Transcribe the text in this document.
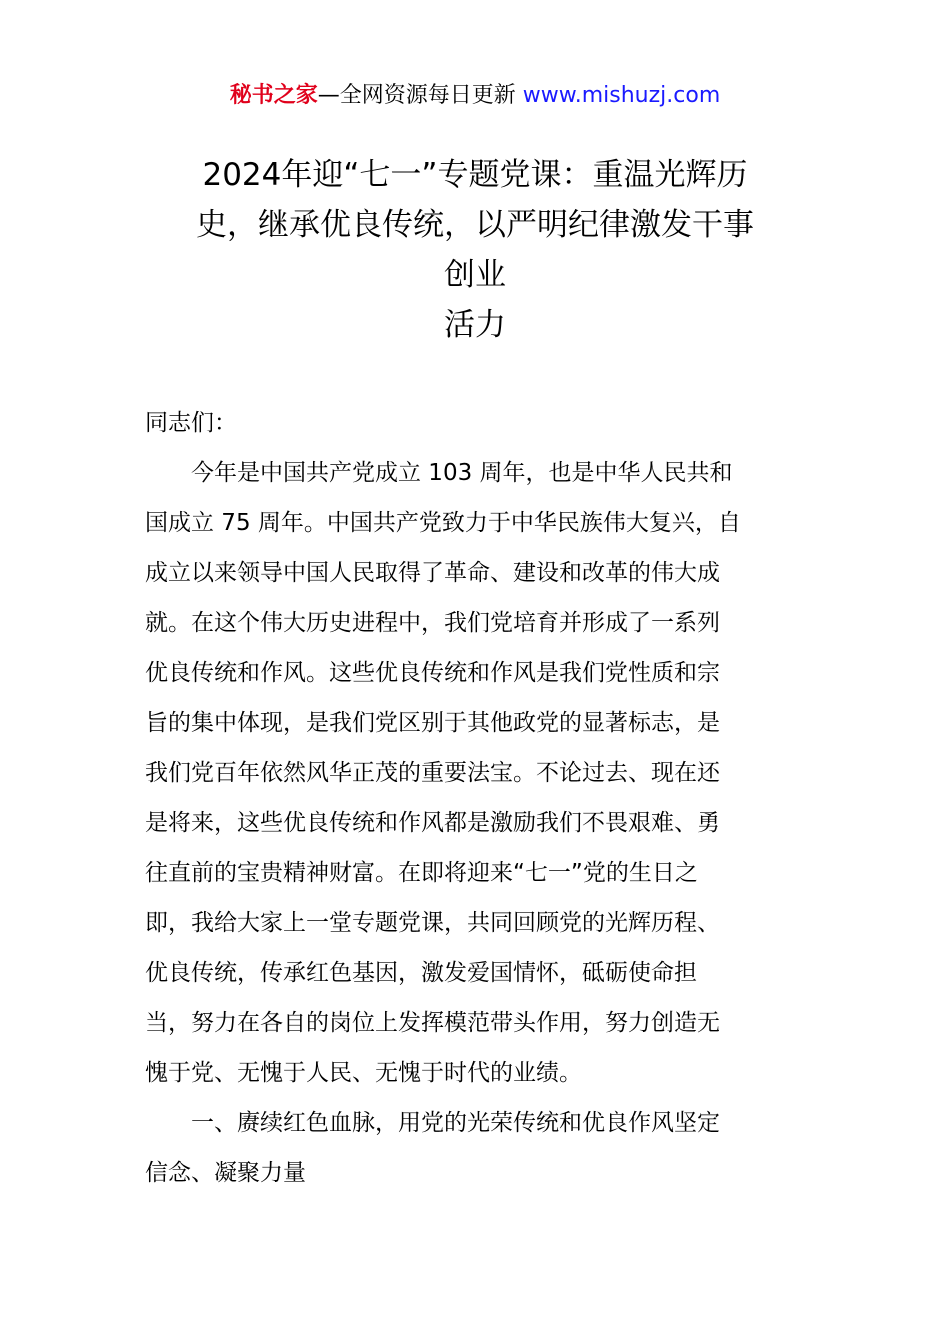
秘书之家—全网资源每日更新 www.mishuzj.com
2024年迎“七一”专题党课：重温光辉历
史，继承优良传统，以严明纪律激发干事
创业
活力
同志们：
　　今年是中国共产党成立 103 周年，也是中华人民共和
国成立 75 周年。中国共产党致力于中华民族伟大复兴，自
成立以来领导中国人民取得了革命、建设和改革的伟大成
就。在这个伟大历史进程中，我们党培育并形成了一系列
优良传统和作风。这些优良传统和作风是我们党性质和宗
旨的集中体现，是我们党区别于其他政党的显著标志，是
我们党百年依然风华正茂的重要法宝。不论过去、现在还
是将来，这些优良传统和作风都是激励我们不畏艰难、勇
往直前的宝贵精神财富。在即将迎来“七一”党的生日之
即，我给大家上一堂专题党课，共同回顾党的光辉历程、
优良传统，传承红色基因，激发爱国情怀，砥砺使命担
当，努力在各自的岗位上发挥模范带头作用，努力创造无
愧于党、无愧于人民、无愧于时代的业绩。
　　一、赓续红色血脉，用党的光荣传统和优良作风坚定
信念、凝聚力量
